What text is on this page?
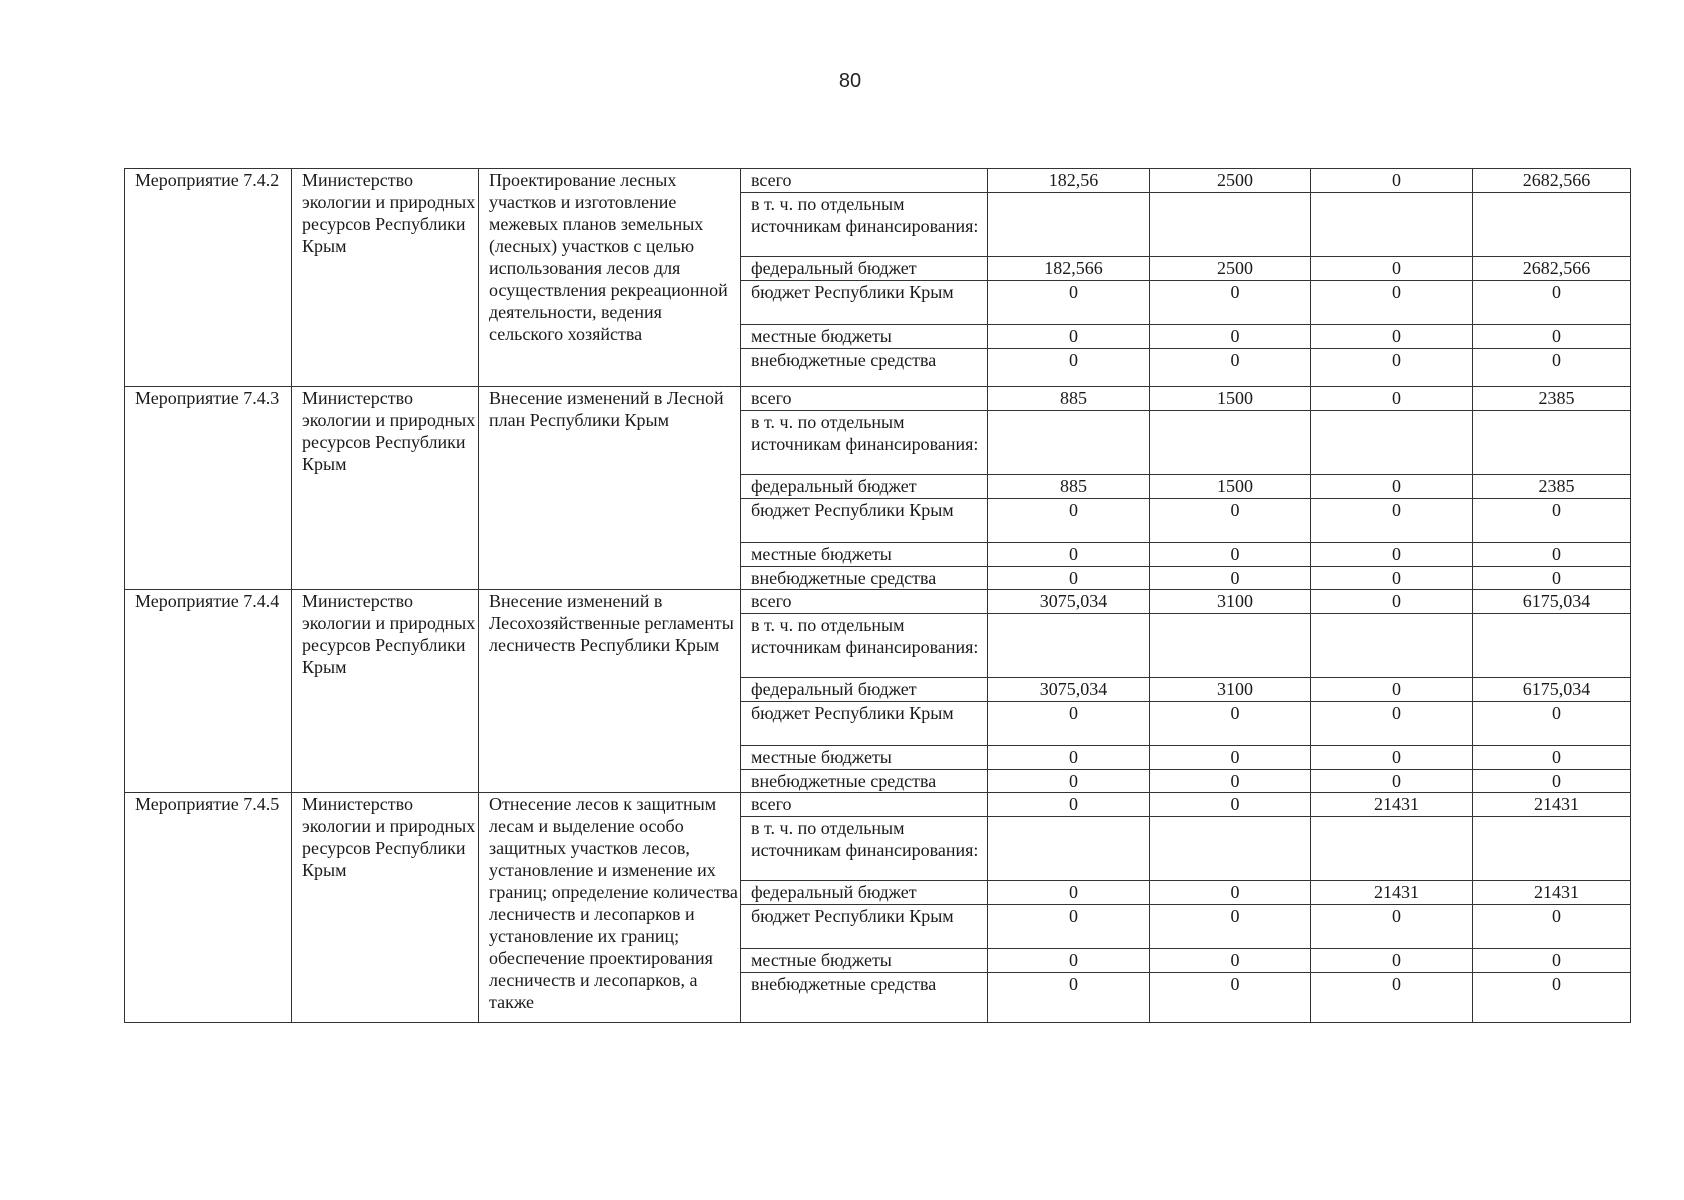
80
Мероприятие 7.4.2	Министерство экологии и природных ресурсов Республики Крым	Проектирование лесных участков и изготовление межевых планов земельных (лесных) участков с целью использования лесов для осуществления рекреационной деятельности, ведения сельского хозяйства	всего	182,56	2500	0	2682,566
			в т. ч. по отдельным источникам финансирования:				
			федеральный бюджет	182,566	2500	0	2682,566
			бюджет Республики Крым	0	0	0	0
			местные бюджеты	0	0	0	0
			внебюджетные средства	0	0	0	0
Мероприятие 7.4.3	Министерство экологии и природных ресурсов Республики Крым	Внесение изменений в Лесной план Республики Крым	всего	885	1500	0	2385
			в т. ч. по отдельным источникам финансирования:				
			федеральный бюджет	885	1500	0	2385
			бюджет Республики Крым	0	0	0	0
			местные бюджеты	0	0	0	0
			внебюджетные средства	0	0	0	0
Мероприятие 7.4.4	Министерство экологии и природных ресурсов Республики Крым	Внесение изменений в Лесохозяйственные регламенты лесничеств Республики Крым	всего	3075,034	3100	0	6175,034
			в т. ч. по отдельным источникам финансирования:				
			федеральный бюджет	3075,034	3100	0	6175,034
			бюджет Республики Крым	0	0	0	0
			местные бюджеты	0	0	0	0
			внебюджетные средства	0	0	0	0
Мероприятие 7.4.5	Министерство экологии и природных ресурсов Республики Крым	Отнесение лесов к защитным лесам и выделение особо защитных участков лесов, установление и изменение их границ; определение количества лесничеств и лесопарков и установление их границ; обеспечение проектирования лесничеств и лесопарков, а также	всего	0	0	21431	21431
			в т. ч. по отдельным источникам финансирования:				
			федеральный бюджет	0	0	21431	21431
			бюджет Республики Крым	0	0	0	0
			местные бюджеты	0	0	0	0
			внебюджетные средства	0	0	0	0
